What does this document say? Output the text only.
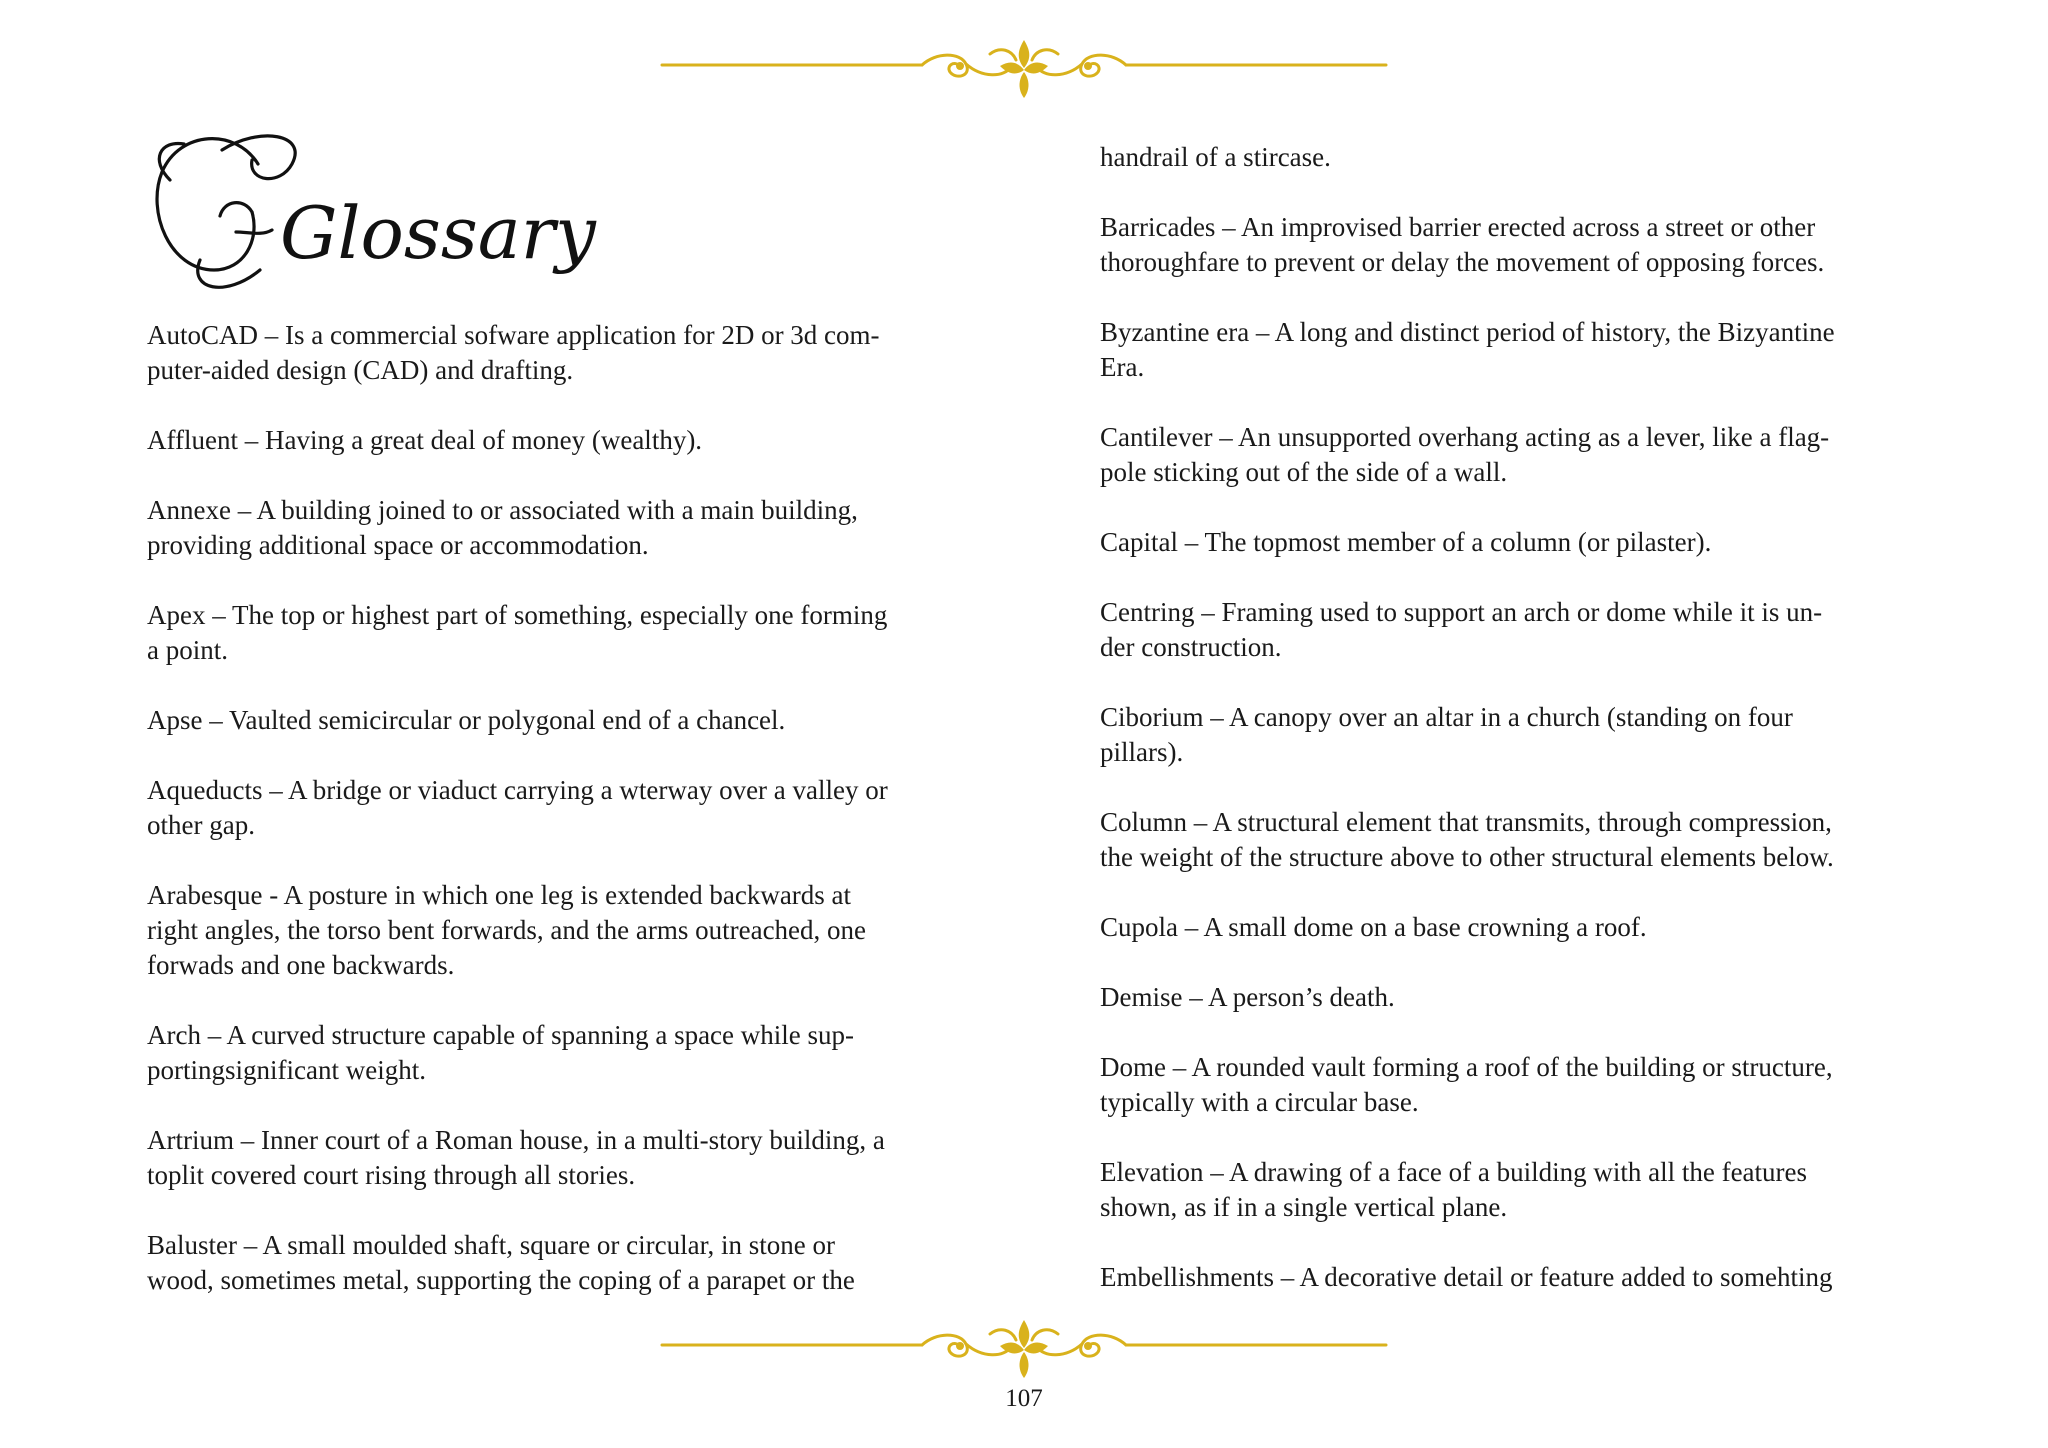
Glossary

AutoCAD – Is a commercial sofware application for 2D or 3d com-
puter-aided design (CAD) and drafting.

Affluent – Having a great deal of money (wealthy).

Annexe – A building joined to or associated with a main building,
providing additional space or accommodation.

Apex – The top or highest part of something, especially one forming
a point.

Apse – Vaulted semicircular or polygonal end of a chancel.

Aqueducts – A bridge or viaduct carrying a wterway over a valley or
other gap.

Arabesque - A posture in which one leg is extended backwards at
right angles, the torso bent forwards, and the arms outreached, one
forwads and one backwards.

Arch – A curved structure capable of spanning a space while sup-
portingsignificant weight.

Artrium – Inner court of a Roman house, in a multi-story building, a
toplit covered court rising through all stories.

Baluster – A small moulded shaft, square or circular, in stone or
wood, sometimes metal, supporting the coping of a parapet or the

handrail of a stircase.

Barricades – An improvised barrier erected across a street or other
thoroughfare to prevent or delay the movement of opposing forces.

Byzantine era – A long and distinct period of history, the Bizyantine
Era.

Cantilever – An unsupported overhang acting as a lever, like a flag-
pole sticking out of the side of a wall.

Capital – The topmost member of a column (or pilaster).

Centring – Framing used to support an arch or dome while it is un-
der construction.

Ciborium – A canopy over an altar in a church (standing on four
pillars).

Column – A structural element that transmits, through compression,
the weight of the structure above to other structural elements below.

Cupola – A small dome on a base crowning a roof.

Demise – A person’s death.

Dome – A rounded vault forming a roof of the building or structure,
typically with a circular base.

Elevation – A drawing of a face of a building with all the features
shown, as if in a single vertical plane.

Embellishments – A decorative detail or feature added to somehting

107
